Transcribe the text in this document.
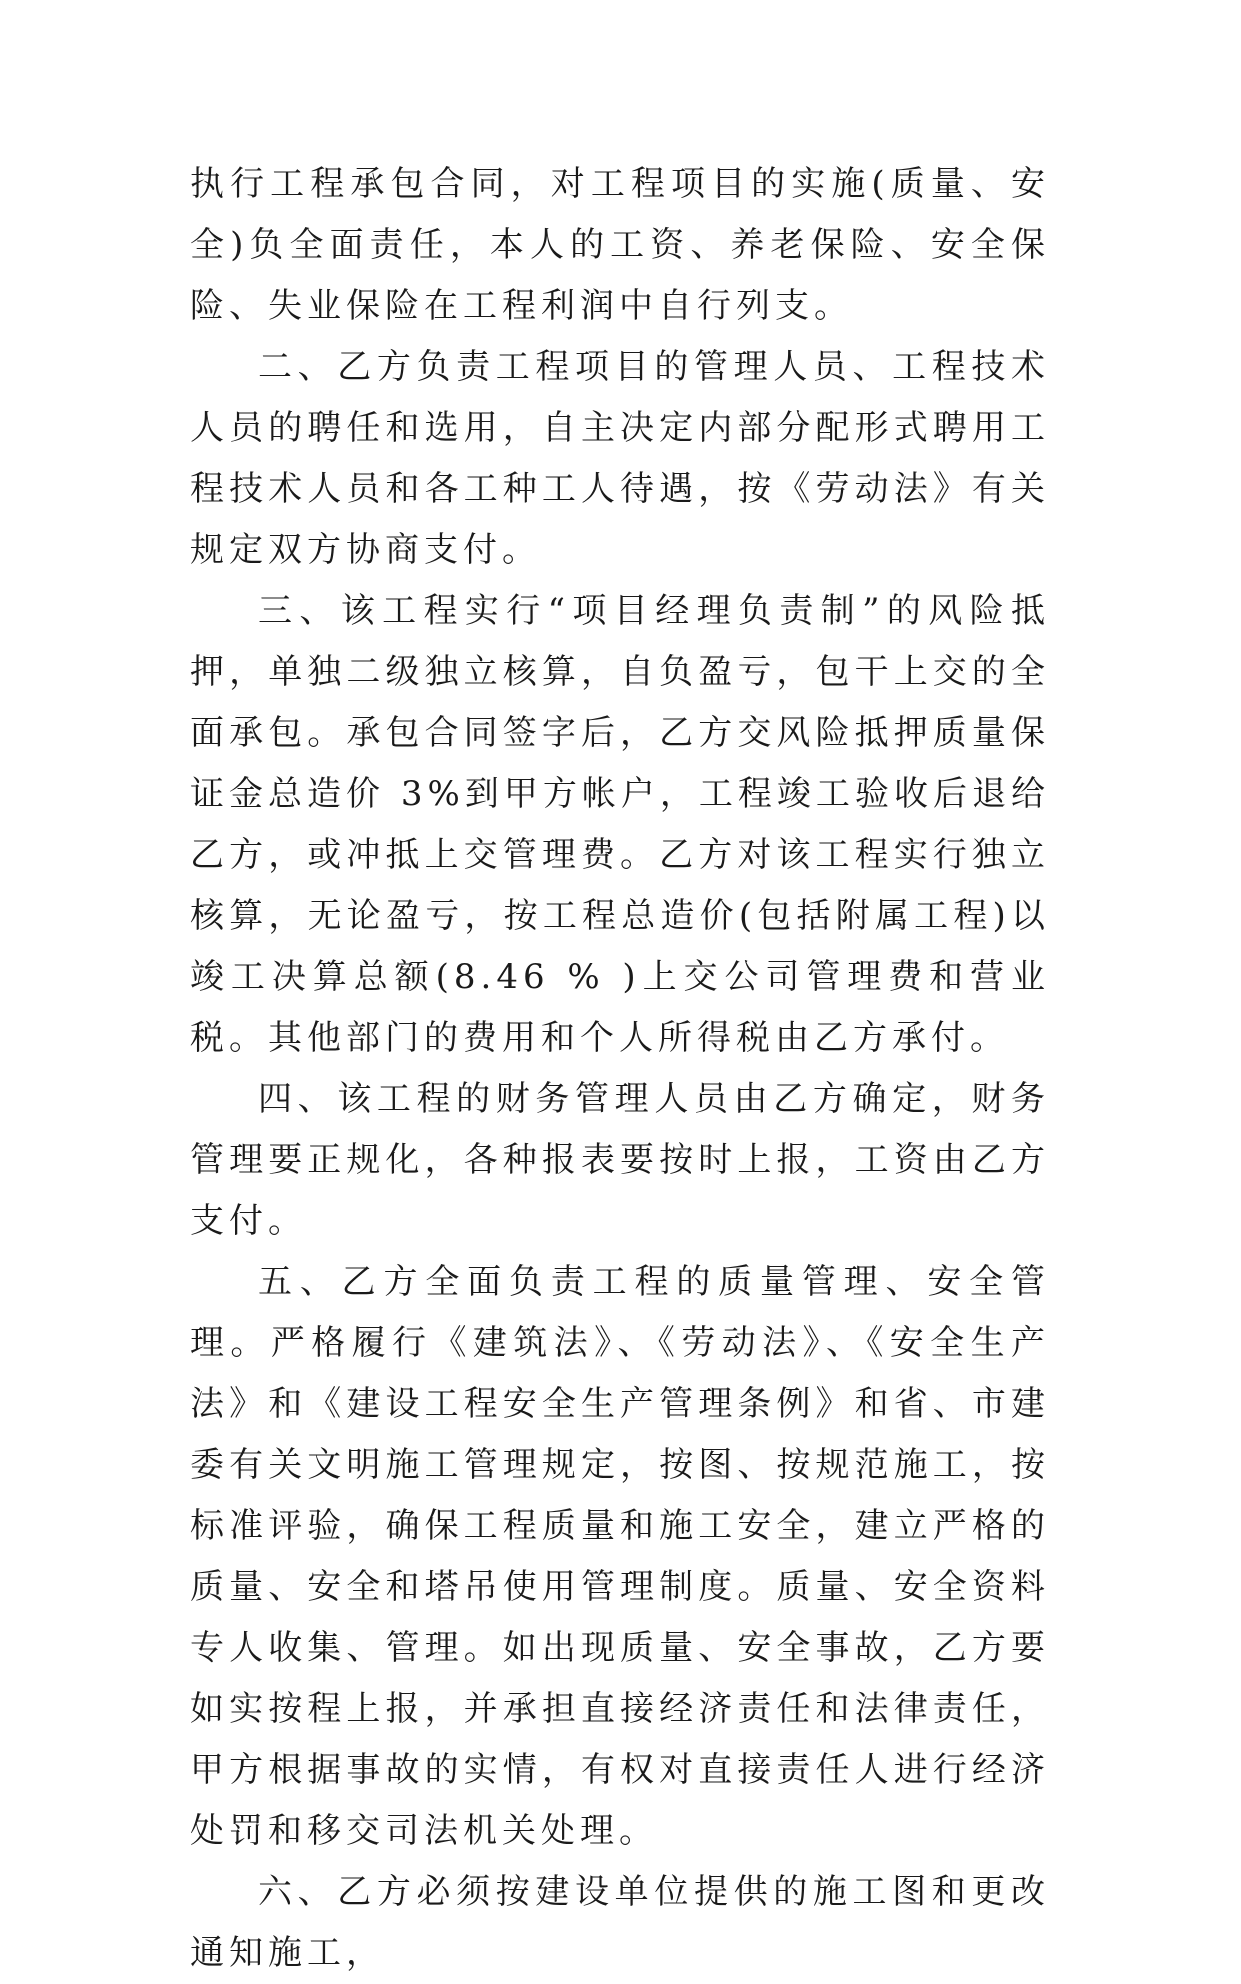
执行工程承包合同，对工程项目的实施(质量、安全)负全面责任，本人的工资、养老保险、安全保险、失业保险在工程利润中自行列支。

二、乙方负责工程项目的管理人员、工程技术人员的聘任和选用，自主决定内部分配形式聘用工程技术人员和各工种工人待遇，按《劳动法》有关规定双方协商支付。

三、该工程实行“项目经理负责制”的风险抵押，单独二级独立核算，自负盈亏，包干上交的全面承包。承包合同签字后，乙方交风险抵押质量保证金总造价 3%到甲方帐户，工程竣工验收后退给乙方，或冲抵上交管理费。乙方对该工程实行独立核算，无论盈亏，按工程总造价(包括附属工程)以竣工决算总额(8.46 % )上交公司管理费和营业税。其他部门的费用和个人所得税由乙方承付。

四、该工程的财务管理人员由乙方确定，财务管理要正规化，各种报表要按时上报，工资由乙方支付。

五、乙方全面负责工程的质量管理、安全管理。严格履行《建筑法》、《劳动法》、《安全生产法》和《建设工程安全生产管理条例》和省、市建委有关文明施工管理规定，按图、按规范施工，按标准评验，确保工程质量和施工安全，建立严格的质量、安全和塔吊使用管理制度。质量、安全资料专人收集、管理。如出现质量、安全事故，乙方要如实按程上报，并承担直接经济责任和法律责任，甲方根据事故的实情，有权对直接责任人进行经济处罚和移交司法机关处理。

六、乙方必须按建设单位提供的施工图和更改通知施工，
